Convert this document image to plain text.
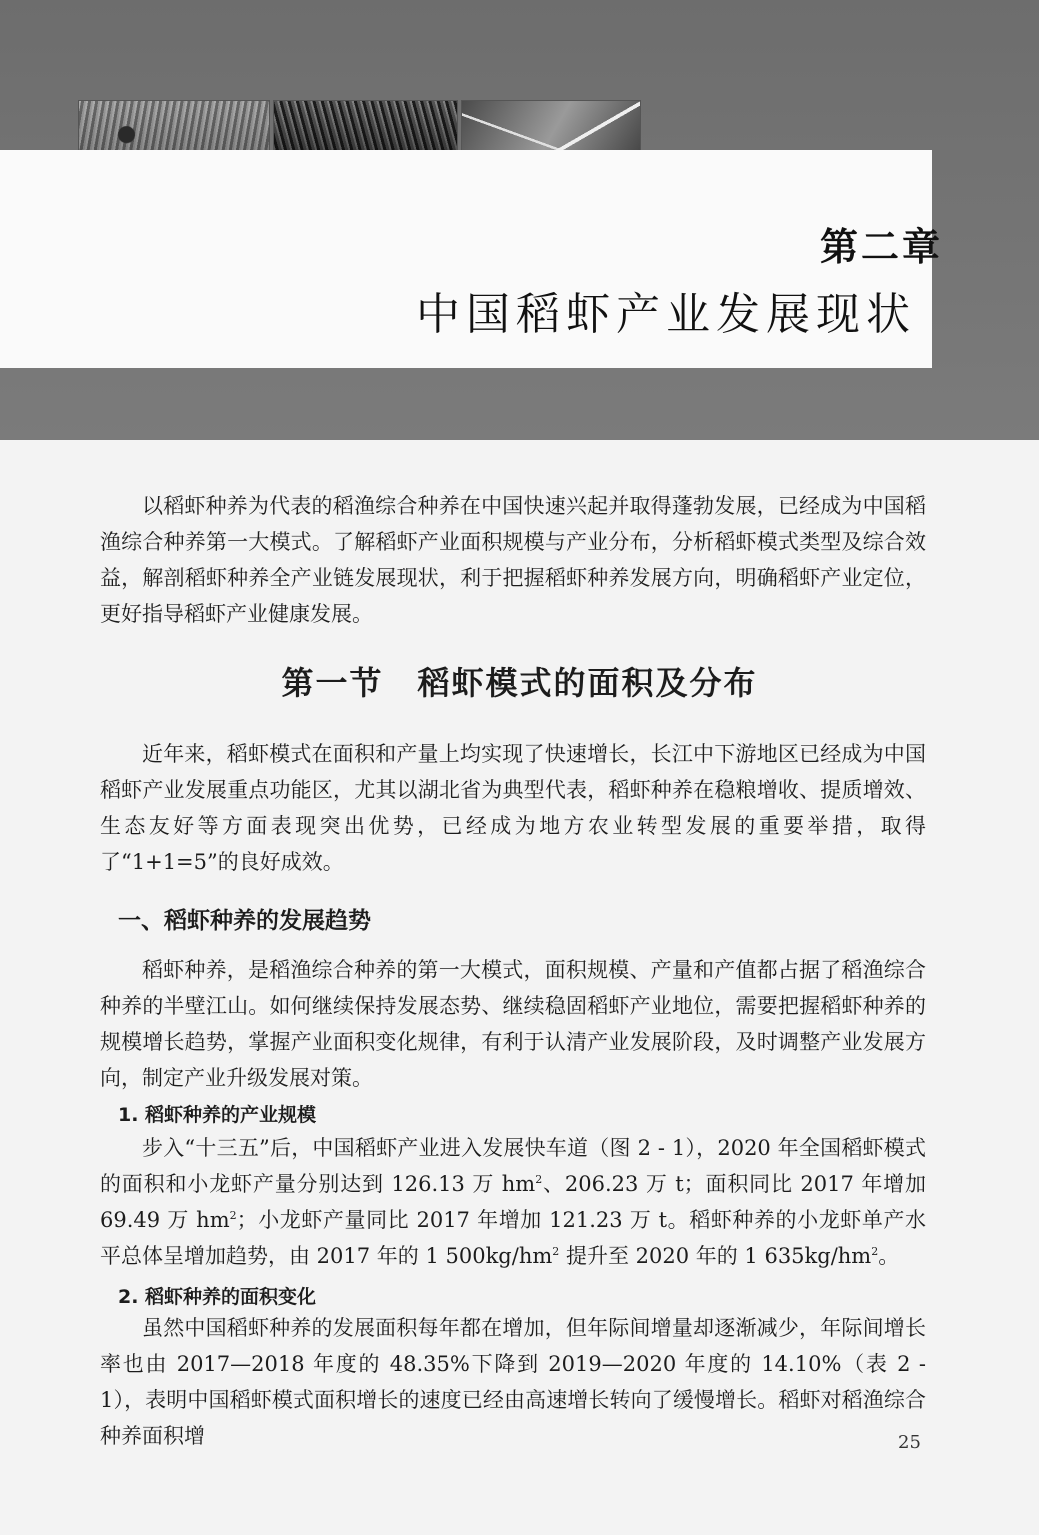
第二章
中国稻虾产业发展现状

以稻虾种养为代表的稻渔综合种养在中国快速兴起并取得蓬勃发展，已经成为中国稻渔综合种养第一大模式。了解稻虾产业面积规模与产业分布，分析稻虾模式类型及综合效益，解剖稻虾种养全产业链发展现状，利于把握稻虾种养发展方向，明确稻虾产业定位，更好指导稻虾产业健康发展。

第一节　稻虾模式的面积及分布

近年来，稻虾模式在面积和产量上均实现了快速增长，长江中下游地区已经成为中国稻虾产业发展重点功能区，尤其以湖北省为典型代表，稻虾种养在稳粮增收、提质增效、生态友好等方面表现突出优势，已经成为地方农业转型发展的重要举措，取得了“1+1=5”的良好成效。

一、稻虾种养的发展趋势

稻虾种养，是稻渔综合种养的第一大模式，面积规模、产量和产值都占据了稻渔综合种养的半壁江山。如何继续保持发展态势、继续稳固稻虾产业地位，需要把握稻虾种养的规模增长趋势，掌握产业面积变化规律，有利于认清产业发展阶段，及时调整产业发展方向，制定产业升级发展对策。

1. 稻虾种养的产业规模

步入“十三五”后，中国稻虾产业进入发展快车道（图 2 - 1），2020 年全国稻虾模式的面积和小龙虾产量分别达到 126.13 万 $hm^2$、206.23 万 t；面积同比 2017 年增加 69.49 万 $hm^2$；小龙虾产量同比 2017 年增加 121.23 万 t。稻虾种养的小龙虾单产水平总体呈增加趋势，由 2017 年的 1 $500kg/hm^2$ 提升至 2020 年的 1 $635kg/hm^2$。

2. 稻虾种养的面积变化

虽然中国稻虾种养的发展面积每年都在增加，但年际间增量却逐渐减少，年际间增长率也由 2017—2018 年度的 48.35%下降到 2019—2020 年度的 14.10%（表 2 - 1），表明中国稻虾模式面积增长的速度已经由高速增长转向了缓慢增长。稻虾对稻渔综合种养面积增	25
